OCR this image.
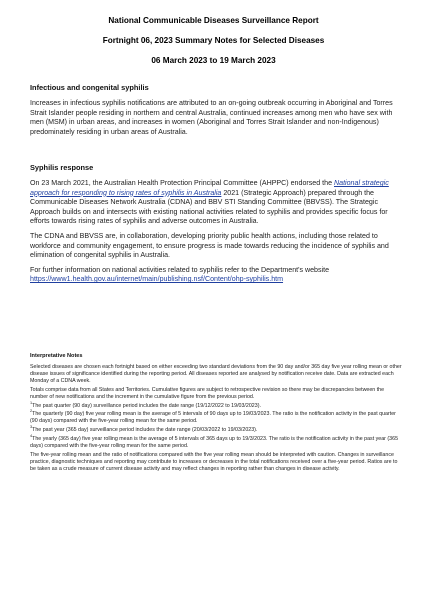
National Communicable Diseases Surveillance Report

Fortnight 06, 2023 Summary Notes for Selected Diseases

06 March 2023 to 19 March 2023

Infectious and congenital syphilis

Increases in infectious syphilis notifications are attributed to an on-going outbreak occurring in Aboriginal and Torres Strait Islander people residing in northern and central Australia, continued increases among men who have sex with men (MSM) in urban areas, and increases in women (Aboriginal and Torres Strait Islander and non-Indigenous) predominately residing in urban areas of Australia.

Syphilis response

On 23 March 2021, the Australian Health Protection Principal Committee (AHPPC) endorsed the National strategic approach for responding to rising rates of syphilis in Australia 2021 (Strategic Approach) prepared through the Communicable Diseases Network Australia (CDNA) and BBV STI Standing Committee (BBVSS). The Strategic Approach builds on and intersects with existing national activities related to syphilis and provides specific focus for efforts towards rising rates of syphilis and adverse outcomes in Australia.

The CDNA and BBVSS are, in collaboration, developing priority public health actions, including those related to workforce and community engagement, to ensure progress is made towards reducing the incidence of syphilis and elimination of congenital syphilis in Australia.

For further information on national activities related to syphilis refer to the Department's website
https://www1.health.gov.au/internet/main/publishing.nsf/Content/ohp-syphilis.htm

Interpretative Notes

Selected diseases are chosen each fortnight based on either exceeding two standard deviations from the 90 day and/or 365 day five year rolling mean or other disease issues of significance identified during the reporting period. All diseases reported are analysed by notification receive date. Data are extracted each Monday of a CDNA week.

Totals comprise data from all States and Territories. Cumulative figures are subject to retrospective revision so there may be discrepancies between the number of new notifications and the increment in the cumulative figure from the previous period.

$^1$The past quarter (90 day) surveillance period includes the date range (19/12/2022 to 19/03/2023).

$^2$The quarterly (90 day) five year rolling mean is the average of 5 intervals of 90 days up to 19/03/2023. The ratio is the notification activity in the past quarter (90 days) compared with the five-year rolling mean for the same period.

$^3$The past year (365 day) surveillance period includes the date range (20/03/2022 to 19/03/2023).

$^4$The yearly (365 day) five year rolling mean is the average of 5 intervals of 365 days up to 19/3/2023. The ratio is the notification activity in the past year (365 days) compared with the five-year rolling mean for the same period.

The five-year rolling mean and the ratio of notifications compared with the five year rolling mean should be interpreted with caution. Changes in surveillance practice, diagnostic techniques and reporting may contribute to increases or decreases in the total notifications received over a five-year period. Ratios are to be taken as a crude measure of current disease activity and may reflect changes in reporting rather than changes in disease activity.
